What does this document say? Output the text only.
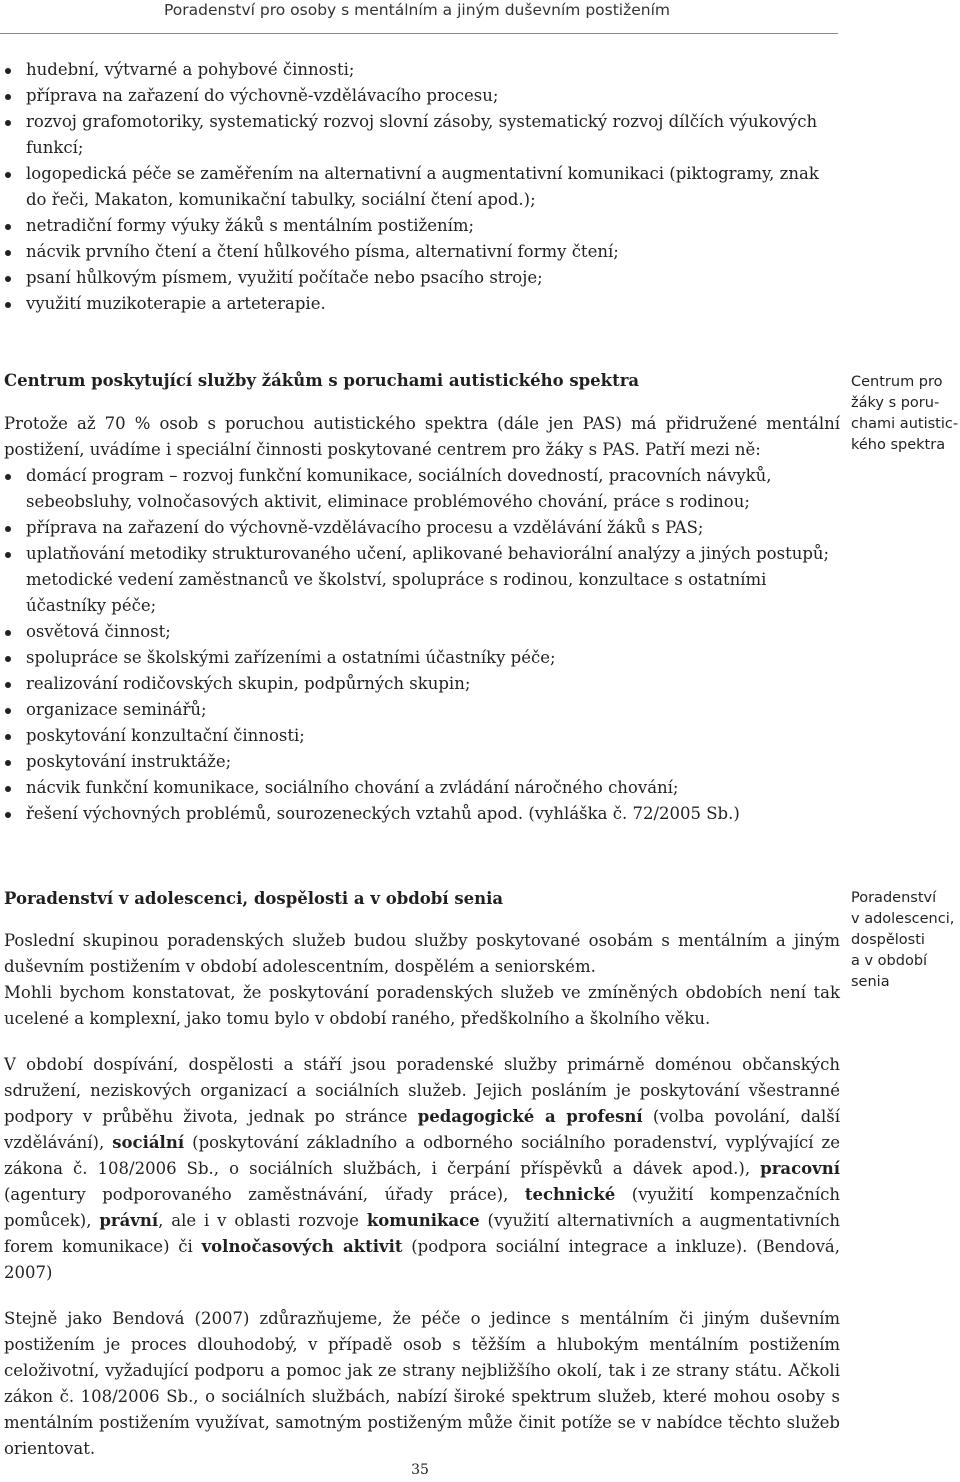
Poradenství pro osoby s mentálním a jiným duševním postižením
hudební, výtvarné a pohybové činnosti;
příprava na zařazení do výchovně-vzdělávacího procesu;
rozvoj grafomotoriky, systematický rozvoj slovní zásoby, systematický rozvoj dílčích výukových funkcí;
logopedická péče se zaměřením na alternativní a augmentativní komunikaci (piktogramy, znak do řeči, Makaton, komunikační tabulky, sociální čtení apod.);
netradiční formy výuky žáků s mentálním postižením;
nácvik prvního čtení a čtení hůlkového písma, alternativní formy čtení;
psaní hůlkovým písmem, využití počítače nebo psacího stroje;
využití muzikoterapie a arteterapie.

Centrum poskytující služby žákům s poruchami autistického spektra

Protože až 70 % osob s poruchou autistického spektra (dále jen PAS) má přidružené mentální postižení, uvádíme i speciální činnosti poskytované centrem pro žáky s PAS. Patří mezi ně:

domácí program – rozvoj funkční komunikace, sociálních dovedností, pracovních návyků, sebeobsluhy, volnočasových aktivit, eliminace problémového chování, práce s rodinou;
příprava na zařazení do výchovně-vzdělávacího procesu a vzdělávání žáků s PAS;
uplatňování metodiky strukturovaného učení, aplikované behaviorální analýzy a jiných postupů; metodické vedení zaměstnanců ve školství, spolupráce s rodinou, konzultace s ostatními účastníky péče;
osvětová činnost;
spolupráce se školskými zařízeními a ostatními účastníky péče;
realizování rodičovských skupin, podpůrných skupin;
organizace seminářů;
poskytování konzultační činnosti;
poskytování instruktáže;
nácvik funkční komunikace, sociálního chování a zvládání náročného chování;
řešení výchovných problémů, sourozeneckých vztahů apod. (vyhláška č. 72/2005 Sb.)
Centrum pro
žáky s poru-
chami autistic-
kého spektra

Poradenství v adolescenci, dospělosti a v období senia

Poslední skupinou poradenských služeb budou služby poskytované osobám s mentálním a jiným duševním postižením v období adolescentním, dospělém a seniorském.

Mohli bychom konstatovat, že poskytování poradenských služeb ve zmíněných obdobích není tak ucelené a komplexní, jako tomu bylo v období raného, předškolního a školního věku.

V období dospívání, dospělosti a stáří jsou poradenské služby primárně doménou občanských sdružení, neziskových organizací a sociálních služeb. Jejich posláním je poskytování všestranné podpory v průběhu života, jednak po stránce pedagogické a profesní (volba povolání, další vzdělávání), sociální (poskytování základního a odborného sociálního poradenství, vyplývající ze zákona č. 108/2006 Sb., o sociálních službách, i čerpání příspěvků a dávek apod.), pracovní (agentury podporovaného zaměstnávání, úřady práce), technické (využití kompenzačních pomůcek), právní, ale i v oblasti rozvoje komunikace (využití alternativních a augmentativních forem komunikace) či volnočasových aktivit (podpora sociální integrace a inkluze). (Bendová, 2007)

Stejně jako Bendová (2007) zdůrazňujeme, že péče o jedince s mentálním či jiným duševním postižením je proces dlouhodobý, v případě osob s těžším a hlubokým mentálním postižením celoživotní, vyžadující podporu a pomoc jak ze strany nejbližšího okolí, tak i ze strany státu. Ačkoli zákon č. 108/2006 Sb., o sociálních službách, nabízí široké spektrum služeb, které mohou osoby s mentálním postižením využívat, samotným postiženým může činit potíže se v nabídce těchto služeb orientovat.

Poradenství
v adolescenci,
dospělosti
a v období
senia
35
